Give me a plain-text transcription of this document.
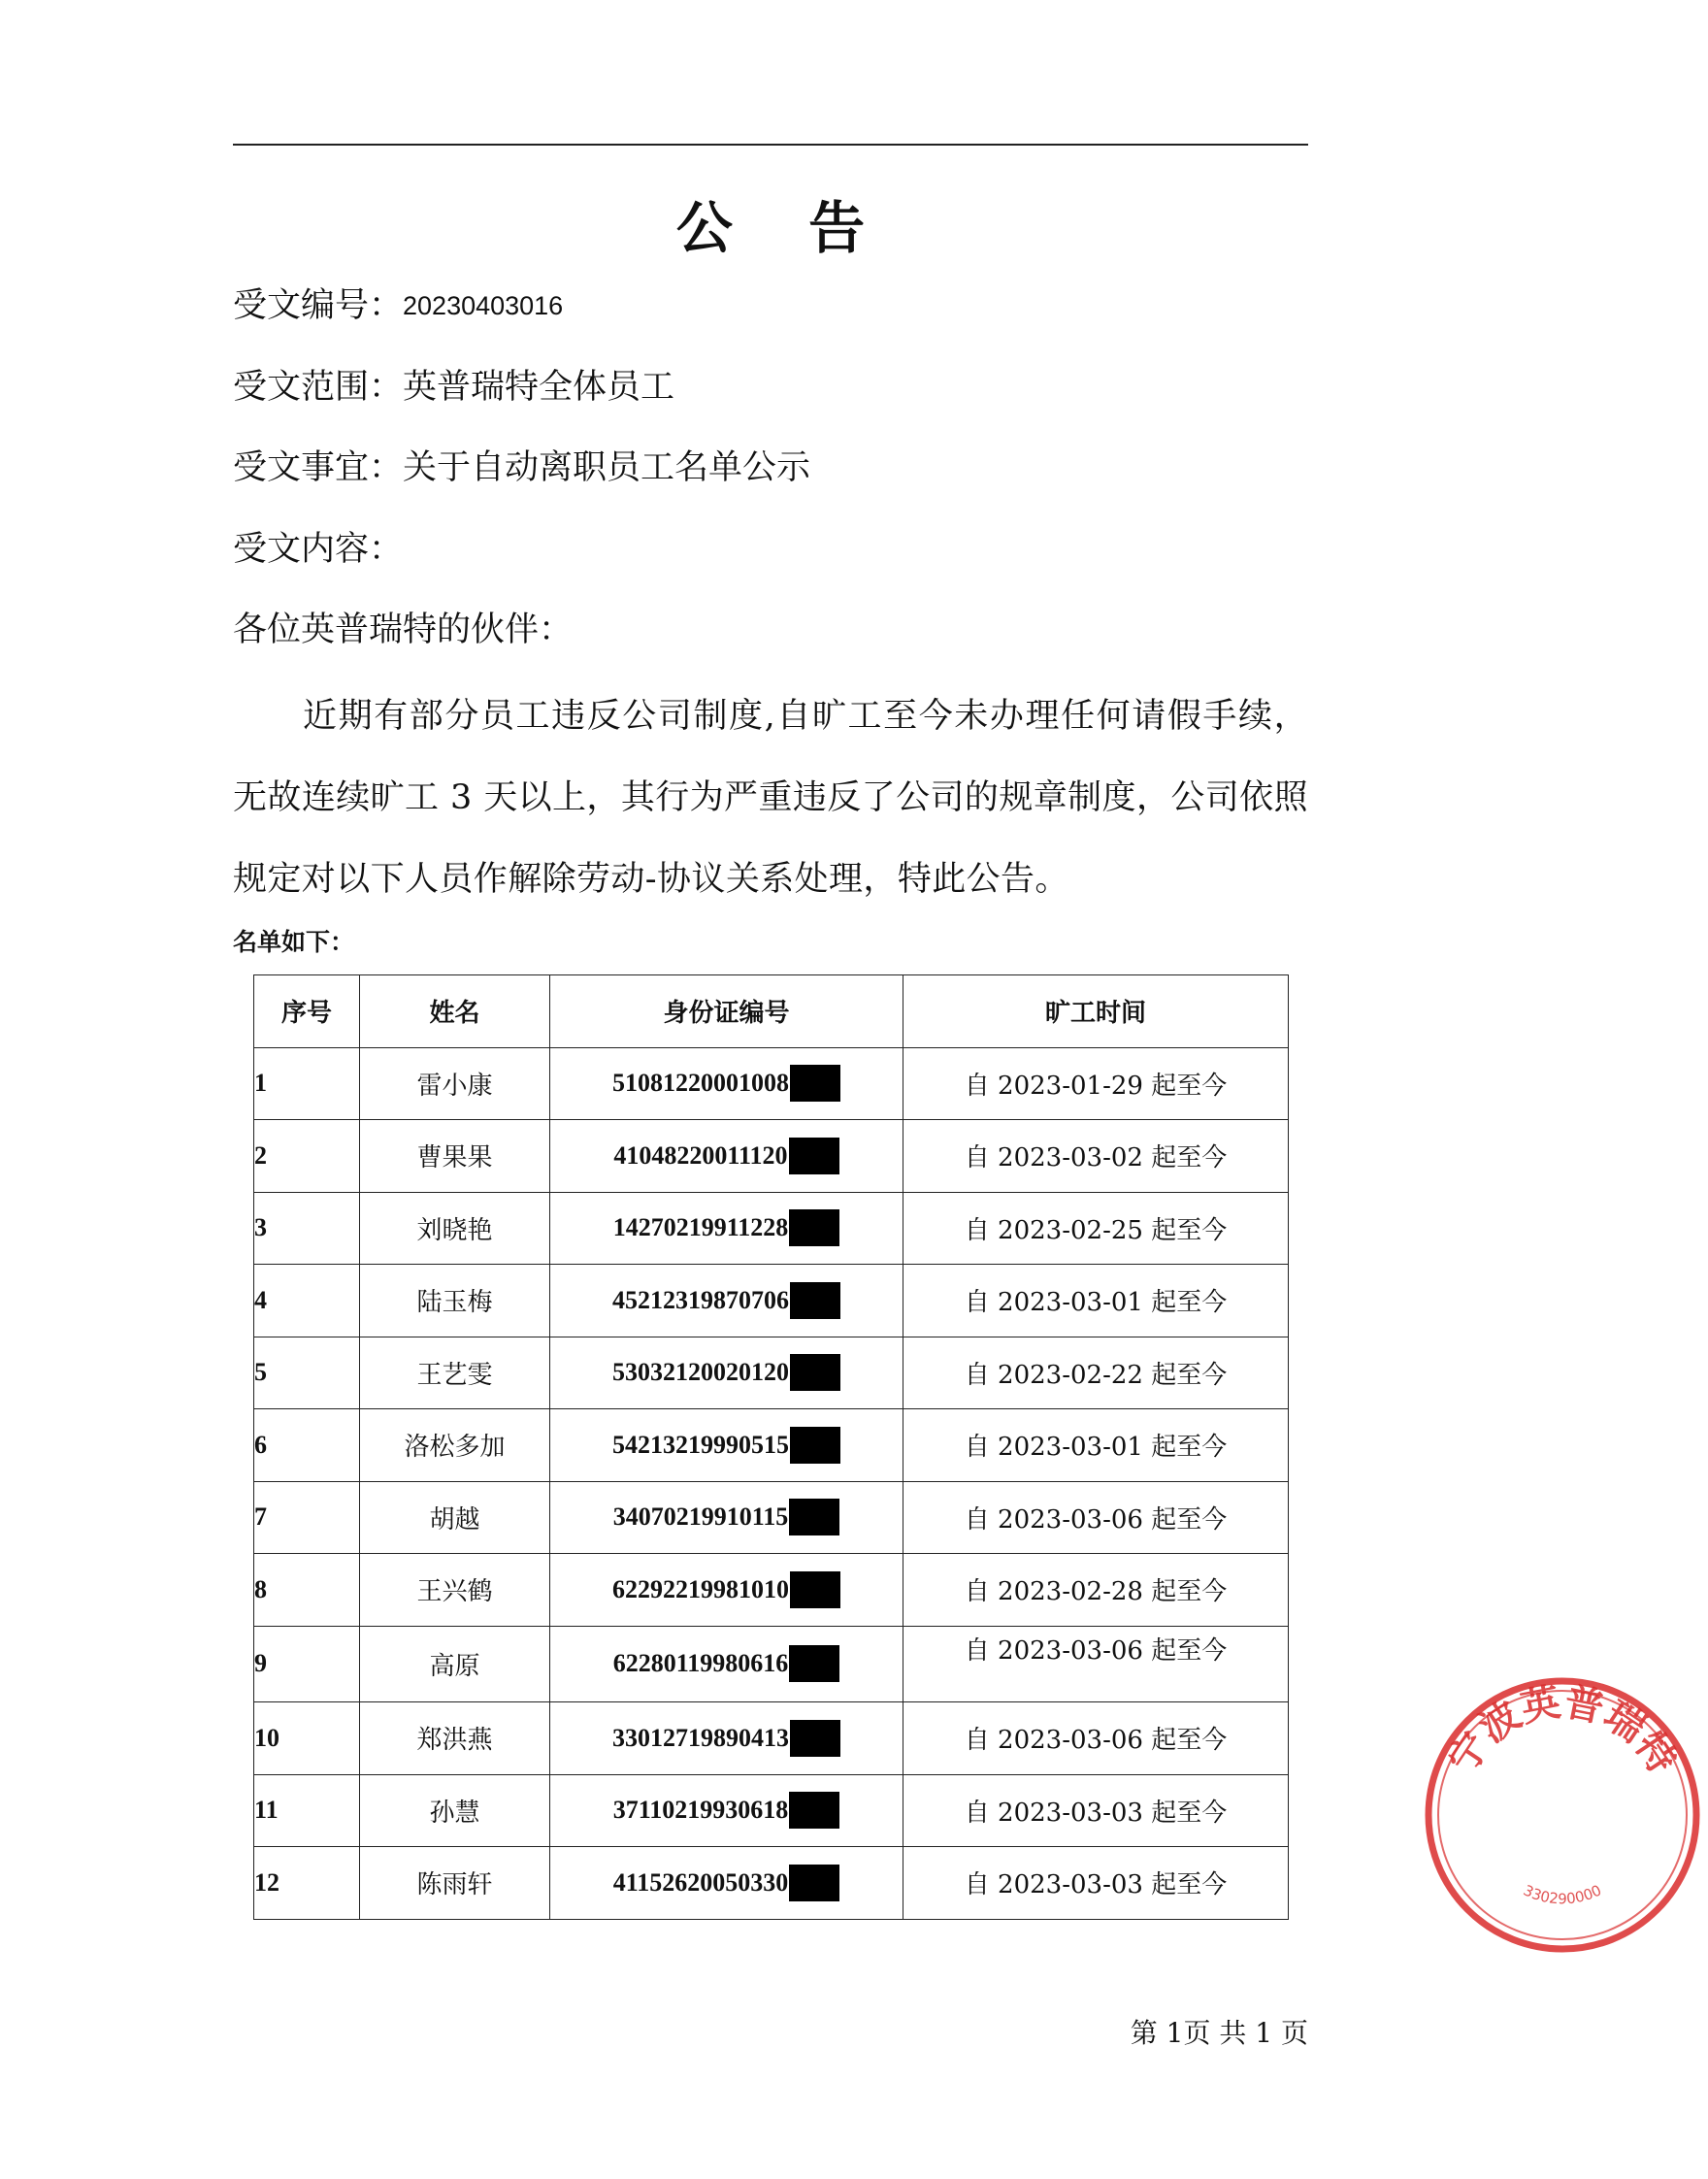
公 告
受文编号：20230403016
受文范围：英普瑞特全体员工
受文事宜：关于自动离职员工名单公示
受文内容：
各位英普瑞特的伙伴：
近期有部分员工违反公司制度,自旷工至今未办理任何请假手续，无故连续旷工 3 天以上，其行为严重违反了公司的规章制度，公司依照规定对以下人员作解除劳动-协议关系处理，特此公告。
名单如下：
序号	姓名	身份证编号	旷工时间
1	雷小康	51081220001008	自 2023-01-29 起至今
2	曹果果	41048220011120	自 2023-03-02 起至今
3	刘晓艳	14270219911228	自 2023-02-25 起至今
4	陆玉梅	45212319870706	自 2023-03-01 起至今
5	王艺雯	53032120020120	自 2023-02-22 起至今
6	洛松多加	54213219990515	自 2023-03-01 起至今
7	胡越	34070219910115	自 2023-03-06 起至今
8	王兴鹤	62292219981010	自 2023-02-28 起至今
9	高原	62280119980616	自 2023-03-06 起至今
10	郑洪燕	33012719890413	自 2023-03-06 起至今
11	孙慧	37110219930618	自 2023-03-03 起至今
12	陈雨轩	41152620050330	自 2023-03-03 起至今
第 1页 共 1 页
宁波英普瑞特
330290000
